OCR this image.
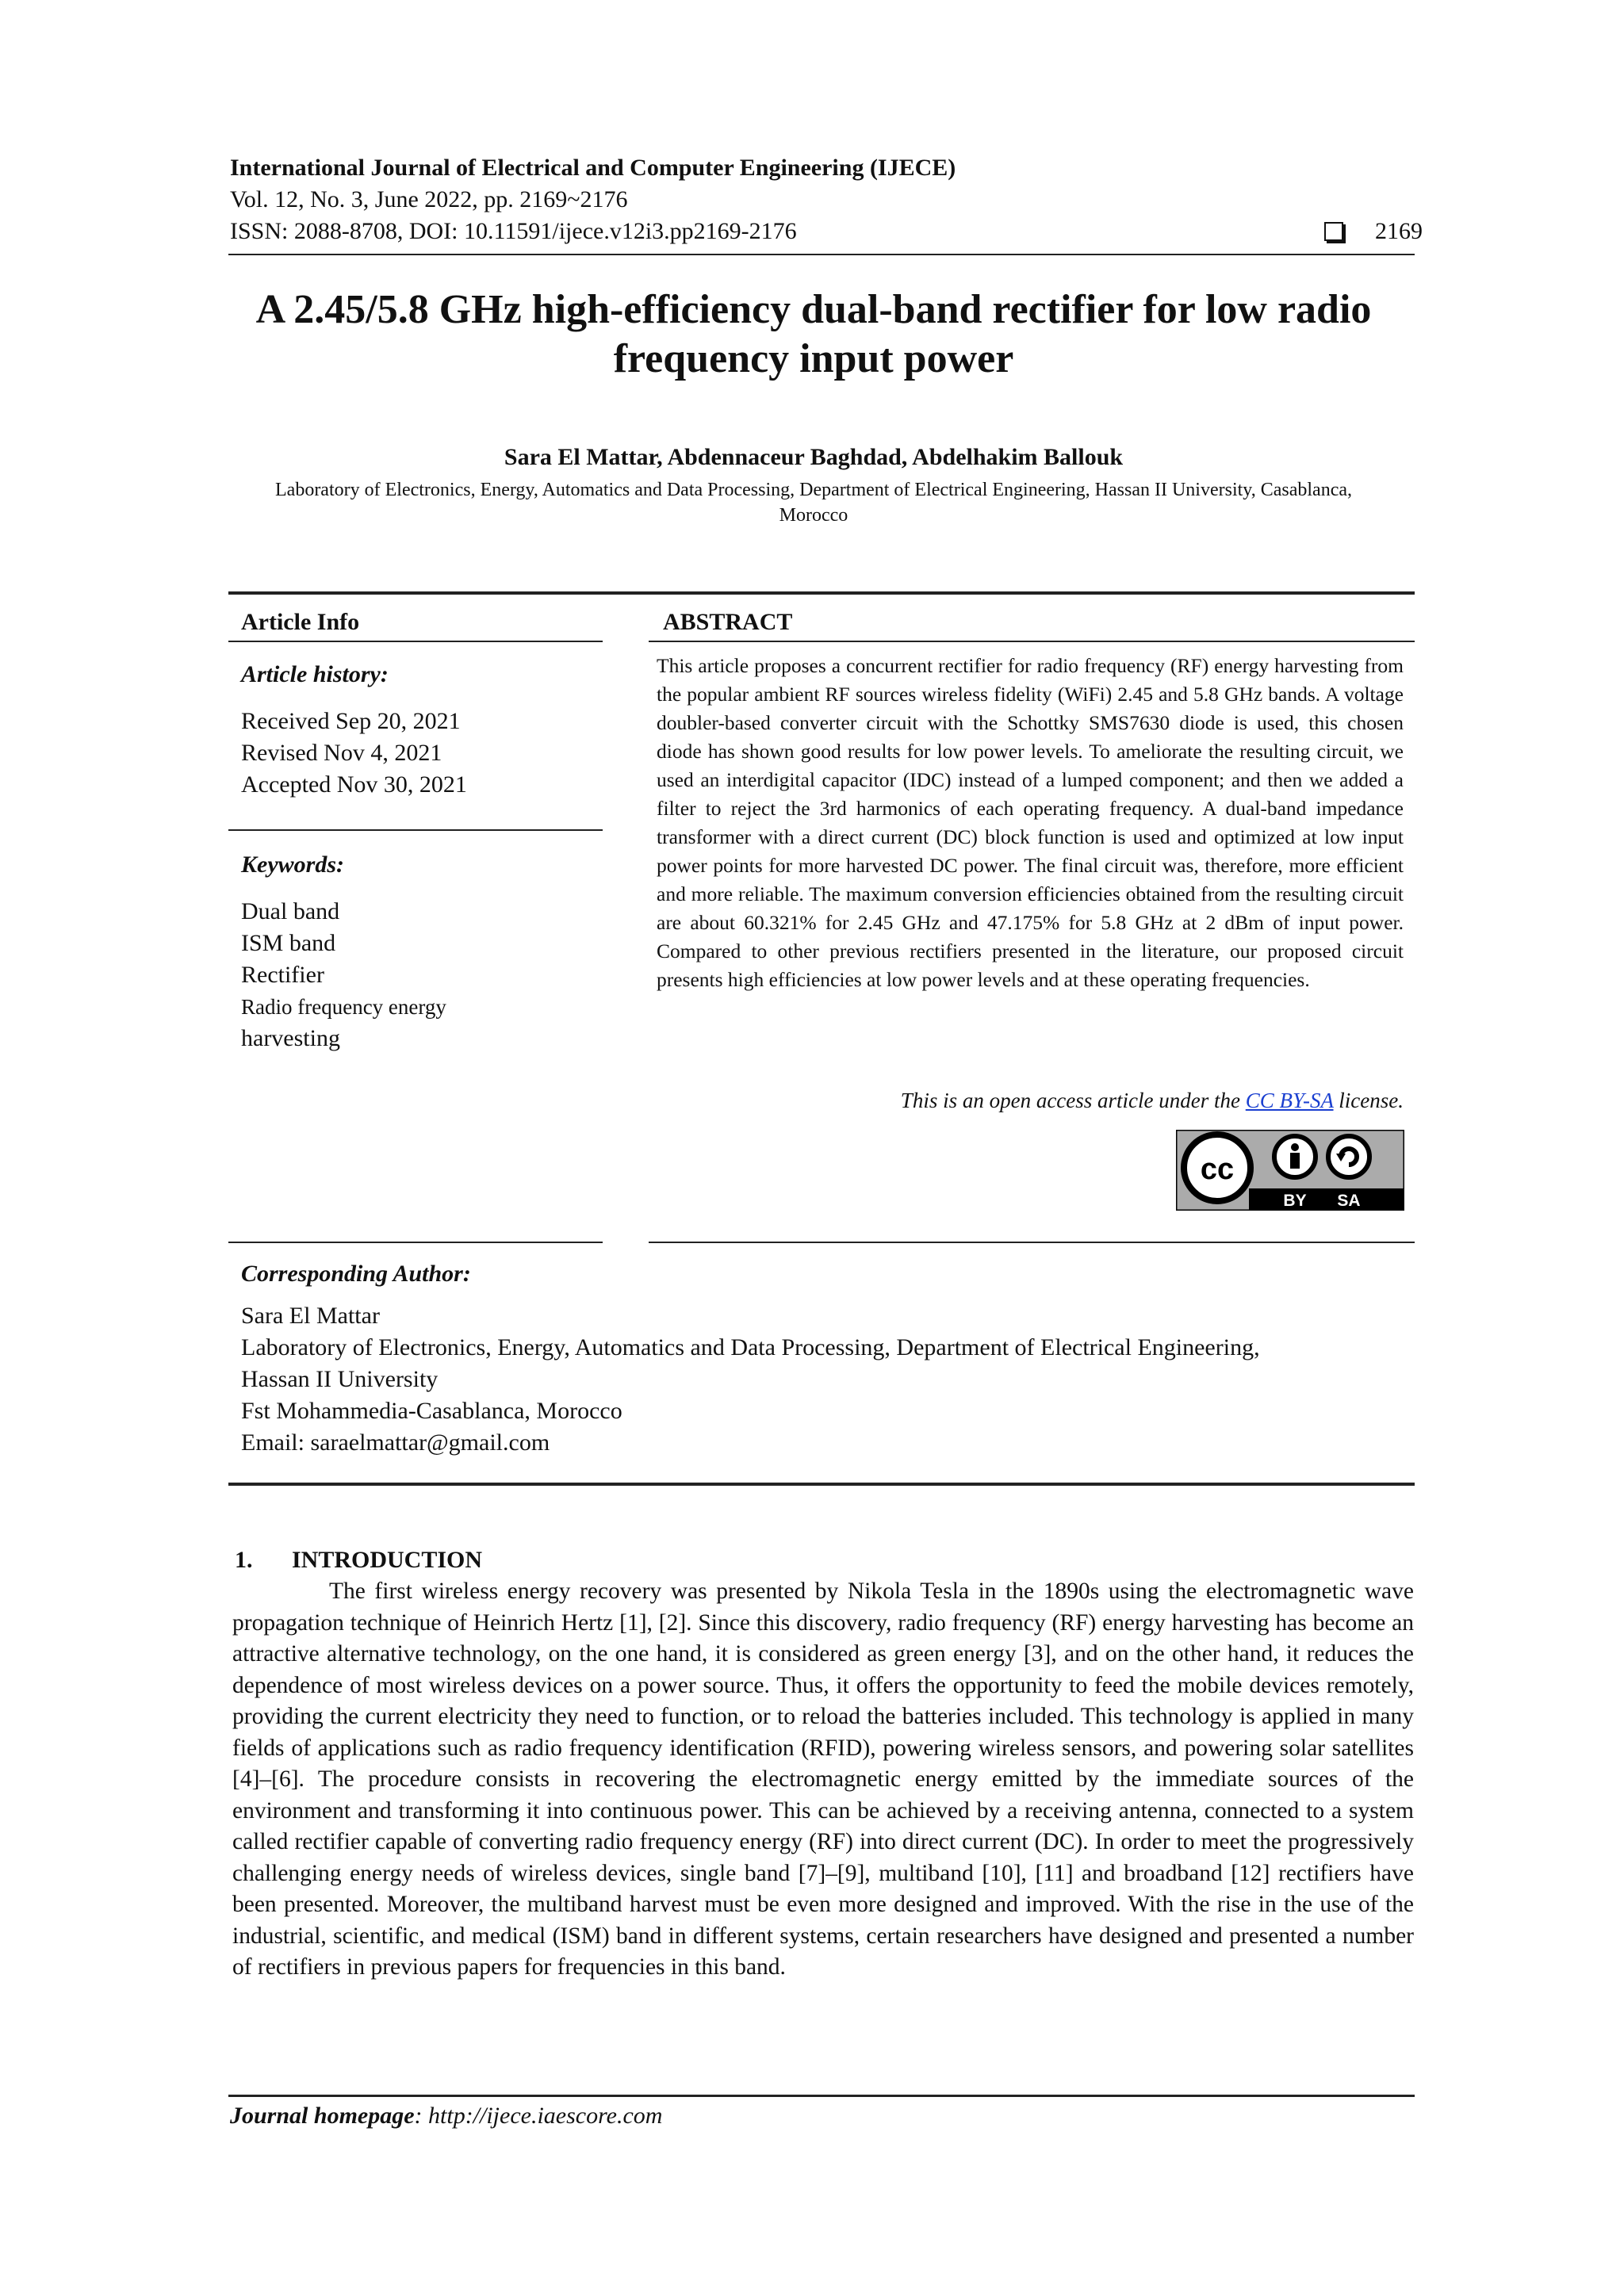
International Journal of Electrical and Computer Engineering (IJECE)
Vol. 12, No. 3, June 2022, pp. 2169~2176
ISSN: 2088-8708, DOI: 10.11591/ijece.v12i3.pp2169-2176	2169
A 2.45/5.8 GHz high-efficiency dual-band rectifier for low radio frequency input power
Sara El Mattar, Abdennaceur Baghdad, Abdelhakim Ballouk
Laboratory of Electronics, Energy, Automatics and Data Processing, Department of Electrical Engineering, Hassan II University, Casablanca, Morocco
Article Info
Article history:
Received Sep 20, 2021
Revised Nov 4, 2021
Accepted Nov 30, 2021
Keywords:
Dual band
ISM band
Rectifier
Radio frequency energy
harvesting
ABSTRACT
This article proposes a concurrent rectifier for radio frequency (RF) energy harvesting from the popular ambient RF sources wireless fidelity (WiFi) 2.45 and 5.8 GHz bands. A voltage doubler-based converter circuit with the Schottky SMS7630 diode is used, this chosen diode has shown good results for low power levels. To ameliorate the resulting circuit, we used an interdigital capacitor (IDC) instead of a lumped component; and then we added a filter to reject the 3rd harmonics of each operating frequency. A dual-band impedance transformer with a direct current (DC) block function is used and optimized at low input power points for more harvested DC power. The final circuit was, therefore, more efficient and more reliable. The maximum conversion efficiencies obtained from the resulting circuit are about 60.321% for 2.45 GHz and 47.175% for 5.8 GHz at 2 dBm of input power. Compared to other previous rectifiers presented in the literature, our proposed circuit presents high efficiencies at low power levels and at these operating frequencies.
This is an open access article under the CC BY-SA license.
cc
BY SA
Corresponding Author:
Sara El Mattar
Laboratory of Electronics, Energy, Automatics and Data Processing, Department of Electrical Engineering,
Hassan II University
Fst Mohammedia-Casablanca, Morocco
Email: saraelmattar@gmail.com
1. INTRODUCTION
The first wireless energy recovery was presented by Nikola Tesla in the 1890s using the electromagnetic wave propagation technique of Heinrich Hertz [1], [2]. Since this discovery, radio frequency (RF) energy harvesting has become an attractive alternative technology, on the one hand, it is considered as green energy [3], and on the other hand, it reduces the dependence of most wireless devices on a power source. Thus, it offers the opportunity to feed the mobile devices remotely, providing the current electricity they need to function, or to reload the batteries included. This technology is applied in many fields of applications such as radio frequency identification (RFID), powering wireless sensors, and powering solar satellites [4]–[6]. The procedure consists in recovering the electromagnetic energy emitted by the immediate sources of the environment and transforming it into continuous power. This can be achieved by a receiving antenna, connected to a system called rectifier capable of converting radio frequency energy (RF) into direct current (DC). In order to meet the progressively challenging energy needs of wireless devices, single band [7]–[9], multiband [10], [11] and broadband [12] rectifiers have been presented. Moreover, the multiband harvest must be even more designed and improved. With the rise in the use of the industrial, scientific, and medical (ISM) band in different systems, certain researchers have designed and presented a number of rectifiers in previous papers for frequencies in this band.
Journal homepage: http://ijece.iaescore.com
